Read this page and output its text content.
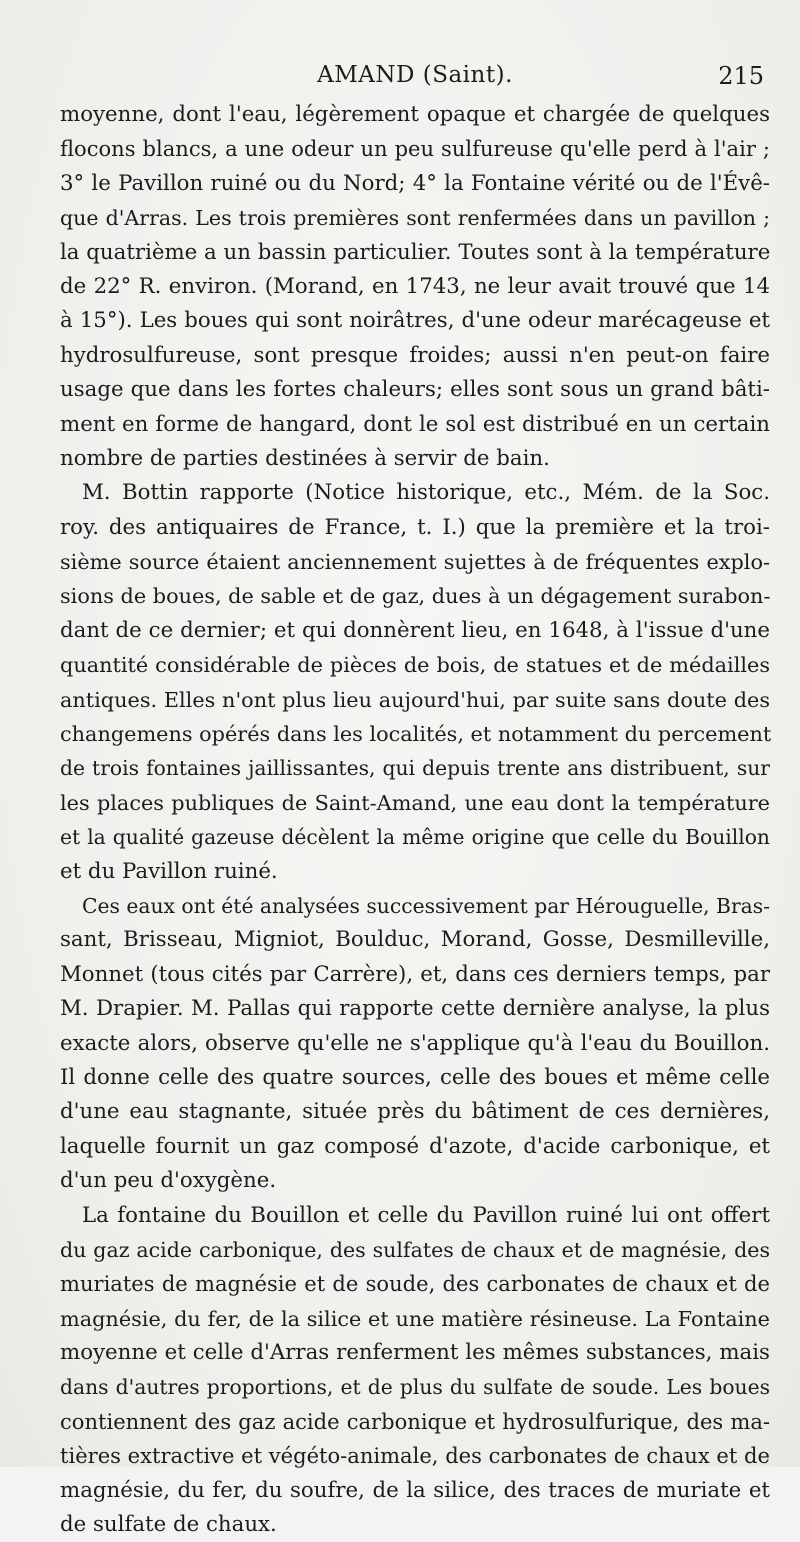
AMAND (Saint).	215
moyenne, dont l'eau, légèrement opaque et chargée de quelques
flocons blancs, a une odeur un peu sulfureuse qu'elle perd à l'air ;
3° le Pavillon ruiné ou du Nord; 4° la Fontaine vérité ou de l'Évê-
que d'Arras. Les trois premières sont renfermées dans un pavillon ;
la quatrième a un bassin particulier. Toutes sont à la température
de 22° R. environ. (Morand, en 1743, ne leur avait trouvé que 14
à 15°). Les boues qui sont noirâtres, d'une odeur marécageuse et
hydrosulfureuse, sont presque froides; aussi n'en peut-on faire
usage que dans les fortes chaleurs; elles sont sous un grand bâti-
ment en forme de hangard, dont le sol est distribué en un certain
nombre de parties destinées à servir de bain.
M. Bottin rapporte (Notice historique, etc., Mém. de la Soc.
roy. des antiquaires de France, t. I.) que la première et la troi-
sième source étaient anciennement sujettes à de fréquentes explo-
sions de boues, de sable et de gaz, dues à un dégagement surabon-
dant de ce dernier; et qui donnèrent lieu, en 1648, à l'issue d'une
quantité considérable de pièces de bois, de statues et de médailles
antiques. Elles n'ont plus lieu aujourd'hui, par suite sans doute des
changemens opérés dans les localités, et notamment du percement
de trois fontaines jaillissantes, qui depuis trente ans distribuent, sur
les places publiques de Saint-Amand, une eau dont la température
et la qualité gazeuse décèlent la même origine que celle du Bouillon
et du Pavillon ruiné.
Ces eaux ont été analysées successivement par Hérouguelle, Bras-
sant, Brisseau, Migniot, Boulduc, Morand, Gosse, Desmilleville,
Monnet (tous cités par Carrère), et, dans ces derniers temps, par
M. Drapier. M. Pallas qui rapporte cette dernière analyse, la plus
exacte alors, observe qu'elle ne s'applique qu'à l'eau du Bouillon.
Il donne celle des quatre sources, celle des boues et même celle
d'une eau stagnante, située près du bâtiment de ces dernières,
laquelle fournit un gaz composé d'azote, d'acide carbonique, et
d'un peu d'oxygène.
La fontaine du Bouillon et celle du Pavillon ruiné lui ont offert
du gaz acide carbonique, des sulfates de chaux et de magnésie, des
muriates de magnésie et de soude, des carbonates de chaux et de
magnésie, du fer, de la silice et une matière résineuse. La Fontaine
moyenne et celle d'Arras renferment les mêmes substances, mais
dans d'autres proportions, et de plus du sulfate de soude. Les boues
contiennent des gaz acide carbonique et hydrosulfurique, des ma-
tières extractive et végéto-animale, des carbonates de chaux et de
magnésie, du fer, du soufre, de la silice, des traces de muriate et
de sulfate de chaux.
